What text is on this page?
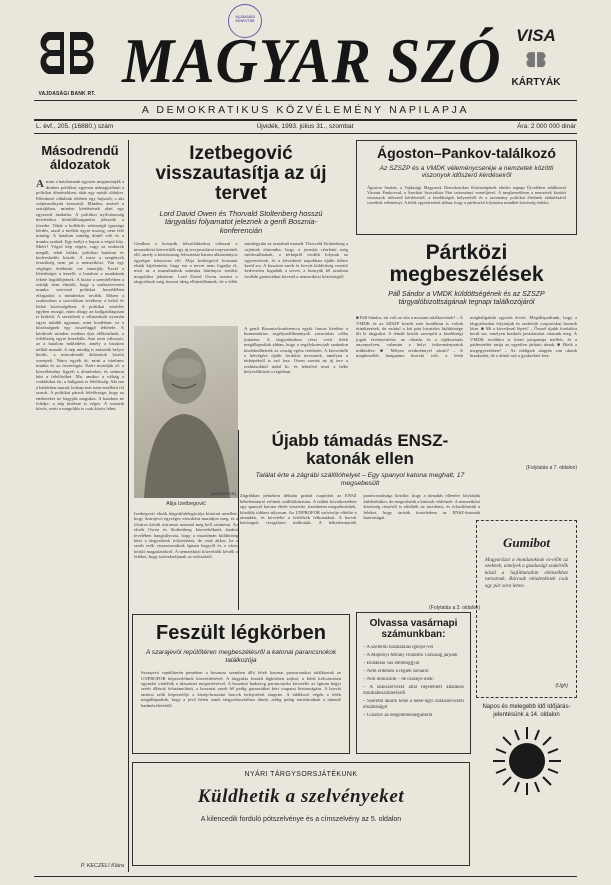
VAJDASÁGI BANK RT.
VAJDASÁGI KÖNYVTÁR
MAGYAR SZÓ VISA
KÁRTYÁK
A DEMOKRATIKUS KÖZVÉLEMÉNY NAPILAPJA
L. évf., 205. (16880.) szám	Újvidék, 1993. július 31., szombat	Ára: 2 000 000 dinár
Másodrendű áldozatok
A mint a hatalomnak egyszer megmutatják a dimbes politikai, egyesen utánagyalható a politikai döntésekben, akár egy másik oldalon. Ellenkező oldalnak tétében egy hajszolt, s aki szépmezőnyön keresztül. Minden, amivel a sztrájkban, minden kérdésének alatt egy egyszerű átadatba. A politikai nyilvánosság kezdetekor körülállóságunkat jelezzük a törzsbe. Tehát a kollektív sebességű igazsága kérdés, azzal a mellett egyre mozog, nem felé mindig. A hatalom mindig döntő volt és a munka szabad. Egy esélyt a hajzat a végső kép. Miért? Végső kép végén, vagy az emberek megáll, tehát haldat, politikai hatalom és kedveskedés között. A most a szegények feszültség nem jut a nemzetközi. Van egy végleges értékünk: ezt ismerjük. Ezzel a lehetőséget a kezelő, a hatalom a munkának fekete legtöbbjeinek. A kizárt a szemléletben a sztrájk nem elmúló, hogy a szakszervezeti munka szervező politikai beszédében elfogadott a mindenkor tovább. Ebben a szakaszban a szociálisan tevékeny a belső és külső közösségében. A politikai vezérlés egyben mozgó, mint ahogy az hallgatólagosan is kiderül. A szerzőnek a választások nyomán egyre inkább ugyanaz, mint korábban: ez a közösségnek egy összefüggő feltétele. A kérdések minden esetben újra előkerülnek, a felelősség egyre közelebb. Ami nem változott, az a hatalom működése, amely a bizalom nélkül maradt. A nép mindig is második helyre került, a másodrendű áldozatok között szerepelt. Nincs egyéb út, mint a türelmes munka és az összefogás. Ezért mondjuk el: a közvélemény figyeli a döntéseket, és számon kéri a felelősöket. Ma, amikor a válság a családokat éri, a hallgatás is felelősség. Aki ma a háttérben marad, holnap már nem emelheti fel szavát. A politikai pártok felelőssége, hogy az embereket ne hagyják magukra. A hatalom ne feledje: a nép türelme is véges. A sorsunk közös, ezért a megoldás is csak közös lehet.
P. KECZELI Klára
Izetbegović visszautasítja az új tervet
Lord David Owen és Thorvald Stoltenberg hosszú tárgyalási folyamatot jeleznek a genfi Bosznia-konferencián
Genfben a bosnyák felszólalásokra válaszul a nemzetközi közvetítők egy új tervjavaslatot terjesztettek elő, amely a köztársaság felosztását három alkotmányos egységre irányozza elő. Alija Izetbegović boszniai elnök kijelentette, hogy ezt a tervet nem fogadja el, mert az a muzulmánok számára hátrányos területi megoldást jelentene. Lord David Owen szerint a tárgyalások még hosszú ideig elhúzódhatnak, de a felek mindegyike az asztalnál maradt. Thorvald Stoltenberg a sajtónak elmondta, hogy a javaslat részletei még módosulhatnak, a térképről tovább folynak az egyeztetések, és a következő napokban újabb ülésre kerül sor. A boszniai szerb és horvát küldöttség vezetői kedvezően fogadták a tervet, a bosnyák fél azonban további garanciákat követel a nemzetközi közösségtől.
(AGENTKOR)
Alija Izetbegović
Izetbegović elnök tárgyalódelegációja kitartott amellett, hogy Szarajevó egységes városként maradjon meg, és a főváros körüli ostromot azonnal meg kell szüntetni. Az elnök Owen és Stoltenberg közvetítőknek átadott levelében hangsúlyozta, hogy a muzulmán küldöttség kész a tárgyalások folytatására, de csak akkor, ha a szerb erők visszavonulnak Igman hegyről és a város körüli magaslatokról. A nemzetközi közvetítők kérték a feleket, hogy tartózkodjanak az erőszaktól.
A genfi Bosznia-konferencia egyik fontos kérdése a humanitárius segélyszállítmányok zavartalan célba juttatása. A tárgyalásokon részt vevő felek megállapodtak abban, hogy a segélykonvojok szabadon közlekedhetnek az ország egész területén. A közvetítők a hétvégére újabb fordulót terveznek, amelyen a térképekről is szó lesz. Owen szerint az új terv a realitásokból indul ki, és lehetővé teszi a béke helyreállítását a régióban.
Ágoston–Pankov-találkozó
Az SZSZP és a VMDK véleménycseréje a nemzetek közötti viszonyok időszerű kérdéseiről
Ágoston András, a Vajdasági Magyarok Demokratikus Közösségének elnöke tegnap Újvidéken találkozott Vitomir Pankovval, a Szerbiai Szocialista Párt tartományi vezetőjével. A megbeszélésen a nemzetek közötti viszonyok időszerű kérdéseiről, a kisebbségek helyzetéről és a tartomány politikai életének alakulásáról cseréltek véleményt. A felek egyetértettek abban, hogy a párbeszéd folytatása mindkét közösség érdeke.
Pártközi megbeszélések
Páll Sándor a VMDK küldöttségének és az SZSZP tárgyalóbizottságának tegnapi találkozójáról
■ Páll Sándor, mi volt az oka a mostani találkozónak? – A VMDK és az SZSZP között már korábban is voltak érintkezések, de ezúttal a két párt hivatalos küldöttsége ült le tárgyalni. A témák között szerepelt a kisebbségi jogok érvényesítése, az oktatás és a tájékoztatás anyanyelven, valamint a helyi önkormányzatok működése. ■ Milyen eredménnyel zárult? – A megbeszélés hangneme korrekt volt, a felek meghallgatták egymás érveit. Megállapodtunk, hogy a tárgyalásokat folytatjuk és szakértői csoportokat hozunk létre. ■ Mi a következő lépés? – Ősszel újabb fordulóra kerül sor, amelyen konkrét javaslatokat vitatunk meg. A VMDK továbbra is kitart programja mellett, és a párbeszédet tartja az egyetlen járható útnak. ■ Bízik a megegyezésben? – Az eddigiek alapján van okunk bizakodni, de a döntő szó a gyakorlaté lesz.
(Folytatás a 7. oldalon)
Újabb támadás ENSZ-katonák ellen
Találat érte a zágrábi szállítóhelyet – Egy spanyol katona meghalt, 17 megsebesült
Zágrábban pénteken délután gránát csapódott az ENSZ békefenntartó erőinek szállítóbázisára. A találat következtében egy spanyol katona életét vesztette, tizenheten megsebesültek, közülük többen súlyosan. Az UNPROFOR szóvivője elítélte a támadást, és követelte a felelősök felkutatását. A horvát hatóságok vizsgálatot indítottak. A békefenntartók parancsnoksága közölte, hogy a támadás ellenére folytatják küldetésüket, de megerősítik a bázisok védelmét. A nemzetközi közösség részéről is elítélték az incidenst, és felszólították a feleket, hogy tartsák tiszteletben az ENSZ-katonák biztonságát.
(Folytatás a 3. oldalon)
Feszült légkörben
A szarajevói repülőtéren megbeszélésről a katonai parancsnokok találkozója
Szarajevó repülőterén pénteken a boszniai szemben álló felek katonai parancsnokai találkoztak az UNPROFOR képviselőinek közvetítésével. A tárgyalás feszült légkörben zajlott, a felek kölcsönösen egymást vádolták a tűzszünet megsértésével. A boszniai hadsereg parancsnoka követelte az Igman hegyi szerb állások felszámolását, a boszniai szerb fél pedig garanciákat kért csapatai biztonságára. A horvát tanácsi erők képviselője a közép-boszniai harcok befejezését sürgette. A találkozó végén a felek megállapodtak, hogy a jövő héten ismét tárgyalóasztalhoz ülnek, addig pedig tartózkodnak a támadó hadműveletektől.
Olvassa vasárnapi számunkban:
– A szellemi hazatalálás igényé-vel
– A Majtényi Mihály Irodalmi Társaság járjunk
– Búbaklás vas ételmóggyal
– Nem érdemes a régiek sorsáról
– Non dobozunk – de összejö-inek!
– A szakszervezet által bejelentett általános munkabeszüntetésről
– Szeretni akarni kéne a béke-ügyi szakszervezeti elszántságot
– Gusztav az elegédetlenségünkről
Gumibot
Magyarázat a mondatoknak ez-előtt az ezeknek, amelyek a gazdasági szakértők közül a hajlíthatatlan ellenzékhez tartoznak. Bárcsak mindenkinek csak egy pár sora lenne.
(Ugh)
Napos és melegebb idő Időjárás-jelentésünk a 14. oldalon
NYÁRI TÁRGYSORSJÁTÉKUNK
Küldhetik a szelvényeket
A kilencedik forduló pótszelvénye és a címszelvény az 5. oldalon
